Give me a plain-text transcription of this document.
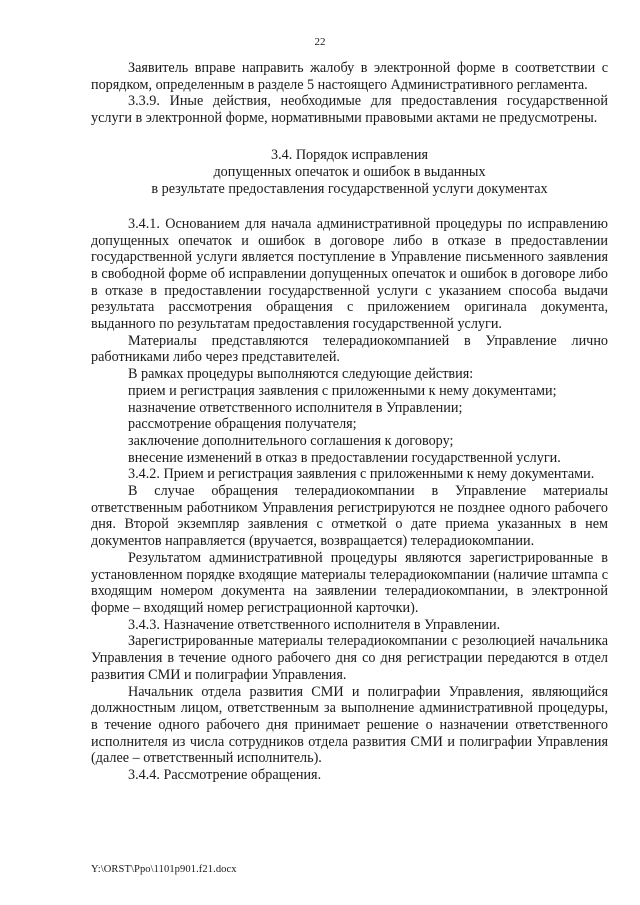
22

Заявитель вправе направить жалобу в электронной форме в соответствии с порядком, определенным в разделе 5 настоящего Административного регламента.

3.3.9. Иные действия, необходимые для предоставления государственной услуги в электронной форме, нормативными правовыми актами не предусмотрены.

3.4. Порядок исправления
допущенных опечаток и ошибок в выданных
в результате предоставления государственной услуги документах

3.4.1. Основанием для начала административной процедуры по исправлению допущенных опечаток и ошибок в договоре либо в отказе в предоставлении государственной услуги является поступление в Управление письменного заявления в свободной форме об исправлении допущенных опечаток и ошибок в договоре либо в отказе в предоставлении государственной услуги с указанием способа выдачи результата рассмотрения обращения с приложением оригинала документа, выданного по результатам предоставления государственной услуги.

Материалы представляются телерадиокомпанией в Управление лично работниками либо через представителей.

В рамках процедуры выполняются следующие действия:

прием и регистрация заявления с приложенными к нему документами;
назначение ответственного исполнителя в Управлении;
рассмотрение обращения получателя;
заключение дополнительного соглашения к договору;
внесение изменений в отказ в предоставлении государственной услуги.

3.4.2. Прием и регистрация заявления с приложенными к нему документами.

В случае обращения телерадиокомпании в Управление материалы ответственным работником Управления регистрируются не позднее одного рабочего дня. Второй экземпляр заявления с отметкой о дате приема указанных в нем документов направляется (вручается, возвращается) телерадиокомпании.

Результатом административной процедуры являются зарегистрированные в установленном порядке входящие материалы телерадиокомпании (наличие штампа с входящим номером документа на заявлении телерадиокомпании, в электронной форме – входящий номер регистрационной карточки).

3.4.3. Назначение ответственного исполнителя в Управлении.

Зарегистрированные материалы телерадиокомпании с резолюцией начальника Управления в течение одного рабочего дня со дня регистрации передаются в отдел развития СМИ и полиграфии Управления.

Начальник отдела развития СМИ и полиграфии Управления, являющийся должностным лицом, ответственным за выполнение административной процедуры, в течение одного рабочего дня принимает решение о назначении ответственного исполнителя из числа сотрудников отдела развития СМИ и полиграфии Управления (далее – ответственный исполнитель).

3.4.4. Рассмотрение обращения.

Y:\ORST\Ppo\1101p901.f21.docx
